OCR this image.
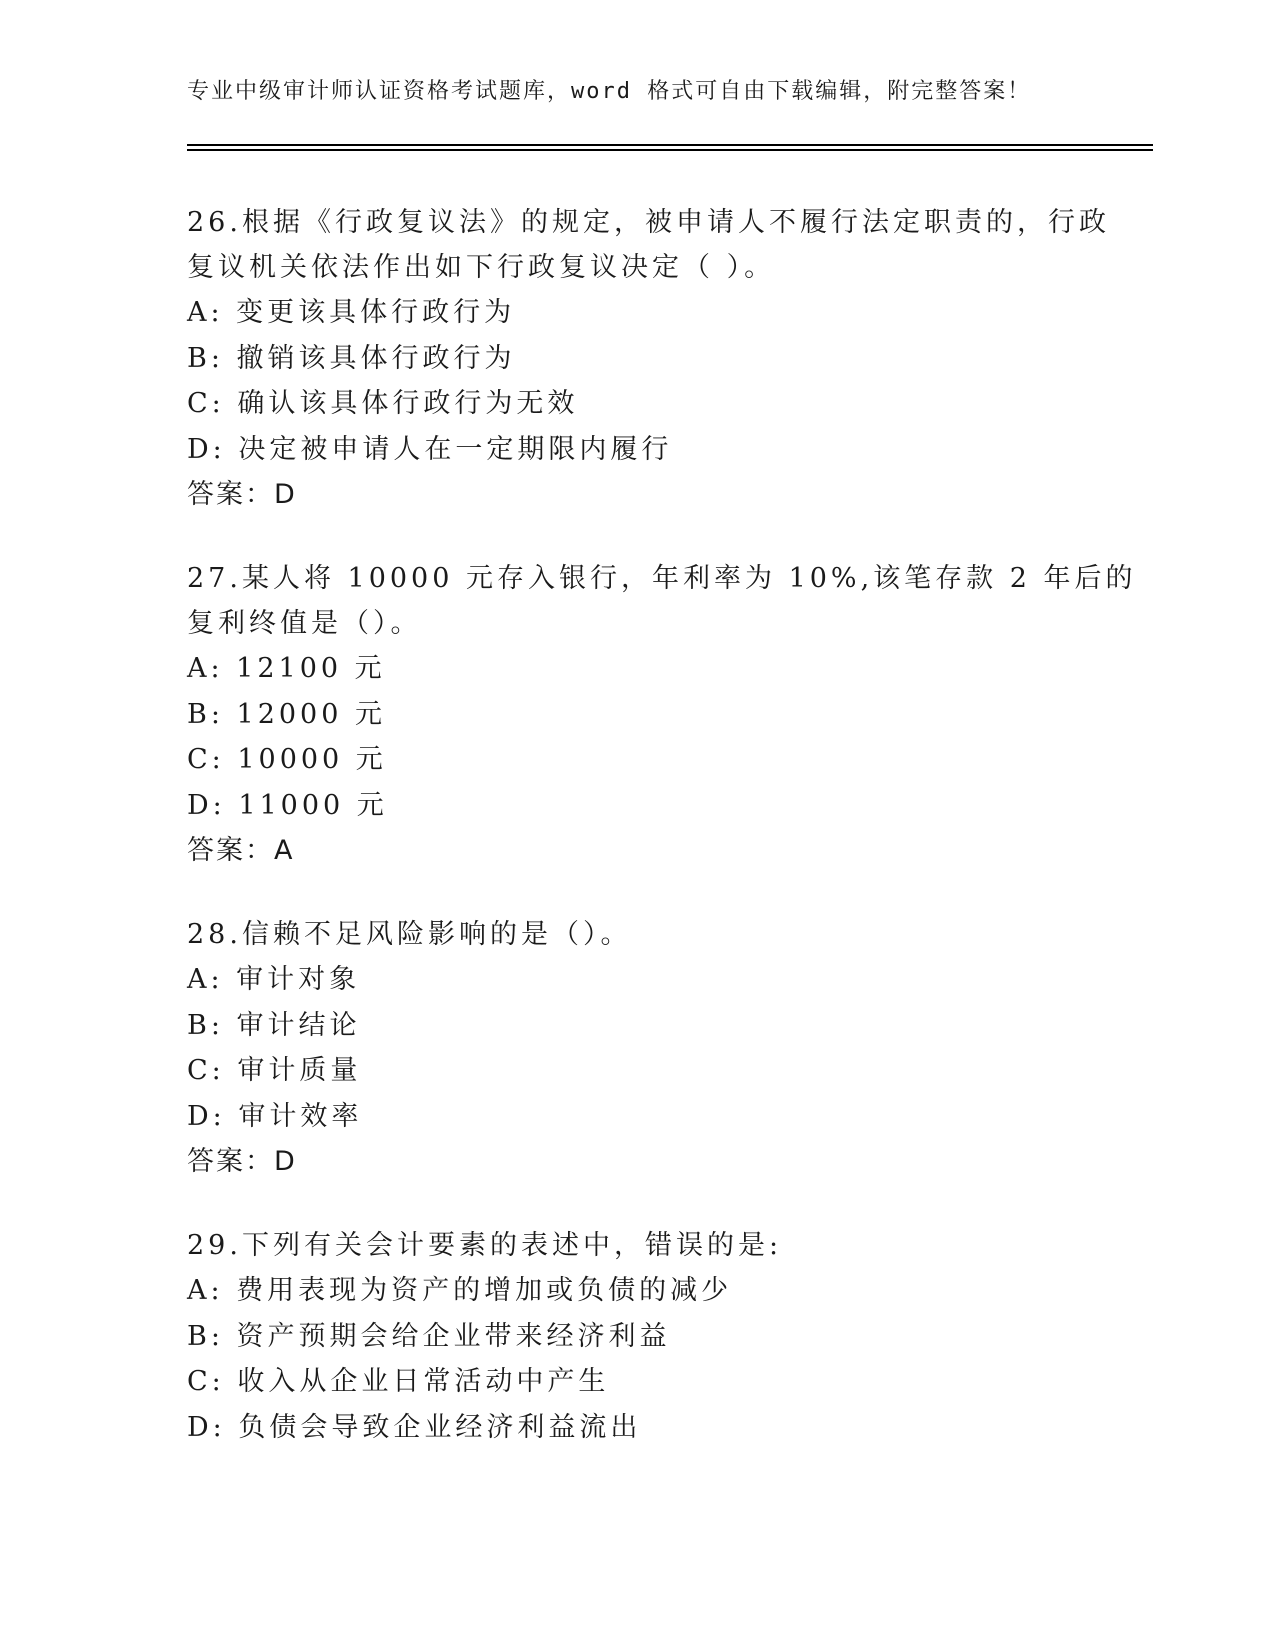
专业中级审计师认证资格考试题库，word 格式可自由下载编辑，附完整答案！

26.根据《行政复议法》的规定，被申请人不履行法定职责的，行政复议机关依法作出如下行政复议决定（ ）。

A: 变更该具体行政行为

B: 撤销该具体行政行为

C: 确认该具体行政行为无效

D: 决定被申请人在一定期限内履行

答案：D

27.某人将 10000 元存入银行，年利率为 10%,该笔存款 2 年后的复利终值是（）。

A: 12100 元

B: 12000 元

C: 10000 元

D: 11000 元

答案：A

28.信赖不足风险影响的是（）。

A: 审计对象

B: 审计结论

C: 审计质量

D: 审计效率

答案：D

29.下列有关会计要素的表述中，错误的是:

A: 费用表现为资产的增加或负债的减少

B: 资产预期会给企业带来经济利益

C: 收入从企业日常活动中产生

D: 负债会导致企业经济利益流出
